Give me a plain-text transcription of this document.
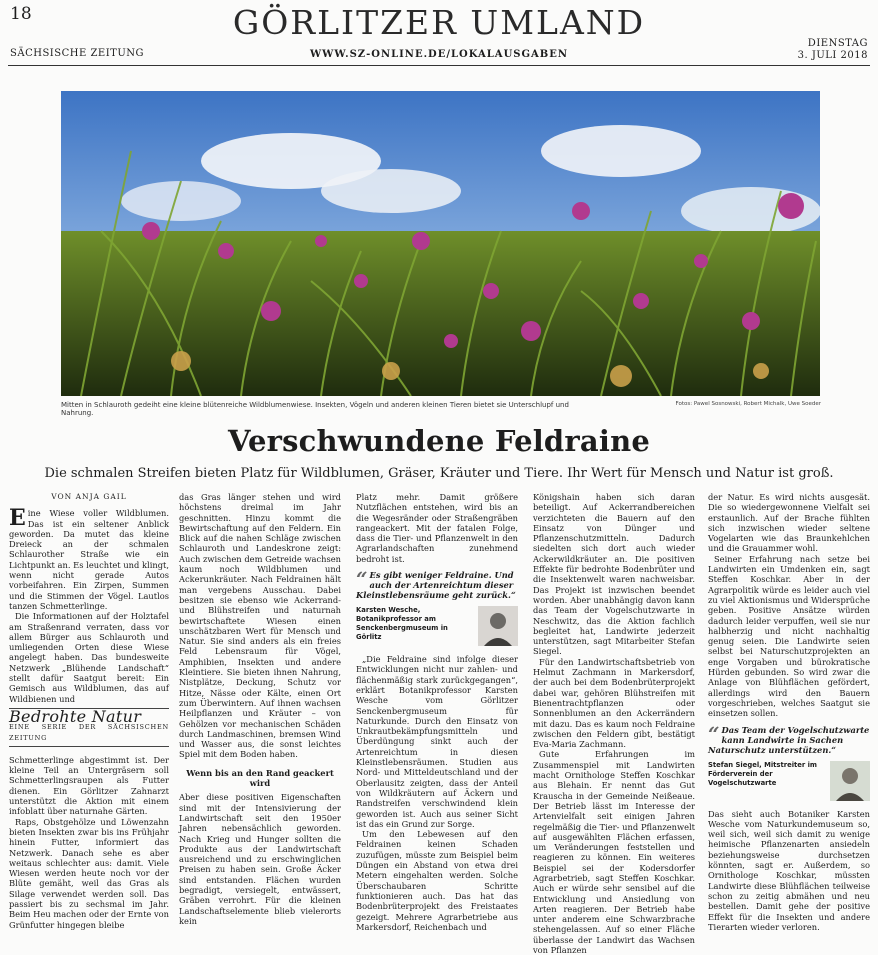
18
SÄCHSISCHE ZEITUNG
GÖRLITZER UMLAND
WWW.SZ-ONLINE.DE/LOKALAUSGABEN
DIENSTAG
3. JULI 2018
Mitten in Schlauroth gedeiht eine kleine blütenreiche Wildblumenwiese. Insekten, Vögeln und anderen kleinen Tieren bietet sie Unterschlupf und Nahrung.
Fotos: Pawel Sosnowski, Robert Michalk, Uwe Soeder
Verschwundene Feldraine
Die schmalen Streifen bieten Platz für Wildblumen, Gräser, Kräuter und Tiere. Ihr Wert für Mensch und Natur ist groß.
VON ANJA GAIL

Eine Wiese voller Wildblumen. Das ist ein seltener Anblick geworden. Da mutet das kleine Dreieck an der schmalen Schlaurother Straße wie ein Lichtpunkt an. Es leuchtet und klingt, wenn nicht gerade Autos vorbeifahren. Ein Zirpen, Summen und die Stimmen der Vögel. Lautlos tanzen Schmetterlinge.

Die Informationen auf der Holztafel am Straßenrand verraten, dass vor allem Bürger aus Schlauroth und umliegenden Orten diese Wiese angelegt haben. Das bundesweite Netzwerk „Blühende Landschaft“ stellt dafür Saatgut bereit: Ein Gemisch aus Wildblumen, das auf Wildbienen und

Bedrohte Natur
EINE SERIE DER SÄCHSISCHEN ZEITUNG

Schmetterlinge abgestimmt ist. Der kleine Teil an Untergräsern soll Schmetterlingsraupen als Futter dienen. Ein Görlitzer Zahnarzt unterstützt die Aktion mit einem infoblatt über naturnahe Gärten.

Raps, Obstgehölze und Löwenzahn bieten Insekten zwar bis ins Frühjahr hinein Futter, informiert das Netzwerk. Danach sehe es aber weitaus schlechter aus: damit. Viele Wiesen werden heute noch vor der Blüte gemäht, weil das Gras als Silage verwendet werden soll. Das passiert bis zu sechsmal im Jahr. Beim Heu machen oder der Ernte von Grünfutter hingegen bleibe

das Gras länger stehen und wird höchstens dreimal im Jahr geschnitten. Hinzu kommt die Bewirtschaftung auf den Feldern. Ein Blick auf die nahen Schläge zwischen Schlauroth und Landeskrone zeigt: Auch zwischen dem Getreide wachsen kaum noch Wildblumen und Ackerunkräuter. Nach Feldrainen hält man vergebens Ausschau. Dabei besitzen sie ebenso wie Ackerrand- und Blühstreifen und naturnah bewirtschaftete Wiesen einen unschätzbaren Wert für Mensch und Natur. Sie sind anders als ein freies Feld Lebensraum für Vögel, Amphibien, Insekten und andere Kleintiere. Sie bieten ihnen Nahrung, Nistplätze, Deckung, Schutz vor Hitze, Nässe oder Kälte, einen Ort zum Überwintern. Auf ihnen wachsen Heilpflanzen und Kräuter – von Gehölzen vor mechanischen Schäden durch Landmaschinen, bremsen Wind und Wasser aus, die sonst leichtes Spiel mit dem Boden haben.

Wenn bis an den Rand geackert wird

Aber diese positiven Eigenschaften sind mit der Intensivierung der Landwirtschaft seit den 1950er Jahren nebensächlich geworden. Nach Krieg und Hunger sollten die Produkte aus der Landwirtschaft ausreichend und zu erschwinglichen Preisen zu haben sein. Große Äcker sind entstanden. Flächen wurden begradigt, versiegelt, entwässert, Gräben verrohrt. Für die kleinen Landschaftselemente blieb vielerorts kein

Platz mehr. Damit größere Nutzflächen entstehen, wird bis an die Wegesränder oder Straßengräben rangeackert. Mit der fatalen Folge, dass die Tier- und Pflanzenwelt in den Agrarlandschaften zunehmend bedroht ist.

“ Es gibt weniger Feldraine. Und auch der Artenreichtum dieser Kleinstlebensräume geht zurück.“
Karsten Wesche, Botanikprofessor am Senckenbergmuseum in Görlitz

„Die Feldraine sind infolge dieser Entwicklungen nicht nur zahlen- und flächenmäßig stark zurückgegangen“, erklärt Botanikprofessor Karsten Wesche vom Görlitzer Senckenbergmuseum für Naturkunde. Durch den Einsatz von Unkrautbekämpfungsmitteln und Überdüngung sinkt auch der Artenreichtum in diesen Kleinstlebensräumen. Studien aus Nord- und Mitteldeutschland und der Oberlausitz zeigten, dass der Anteil von Wildkräutern auf Äckern und Randstreifen verschwindend klein geworden ist. Auch aus seiner Sicht ist das ein Grund zur Sorge.

Um den Lebewesen auf den Feldrainen keinen Schaden zuzufügen, müsste zum Beispiel beim Düngen ein Abstand von etwa drei Metern eingehalten werden. Solche Überschaubaren Schritte funktionieren auch. Das hat das Bodenbrüterprojekt des Freistaates gezeigt. Mehrere Agrarbetriebe aus Markersdorf, Reichenbach und

Königshain haben sich daran beteiligt. Auf Ackerrandbereichen verzichteten die Bauern auf den Einsatz von Dünger und Pflanzenschutzmitteln. Dadurch siedelten sich dort auch wieder Ackerwildkräuter an. Die positiven Effekte für bedrohte Bodenbrüter und die Insektenwelt waren nachweisbar. Das Projekt ist inzwischen beendet worden. Aber unabhängig davon kann das Team der Vogelschutzwarte in Neschwitz, das die Aktion fachlich begleitet hat, Landwirte jederzeit unterstützen, sagt Mitarbeiter Stefan Siegel.

Für den Landwirtschaftsbetrieb von Helmut Zachmann in Markersdorf, der auch bei dem Bodenbrüterprojekt dabei war, gehören Blühstreifen mit Bienentrachtpflanzen oder Sonnenblumen an den Ackerrändern mit dazu. Das es kaum noch Feldraine zwischen den Feldern gibt, bestätigt Eva-Maria Zachmann.

Gute Erfahrungen im Zusammenspiel mit Landwirten macht Ornithologe Steffen Koschkar aus Blehain. Er nennt das Gut Krauscha in der Gemeinde Neißeaue. Der Betrieb lässt im Interesse der Artenvielfalt seit einigen Jahren regelmäßig die Tier- und Pflanzenwelt auf ausgewählten Flächen erfassen, um Veränderungen feststellen und reagieren zu können. Ein weiteres Beispiel sei der Kodersdorfer Agrarbetrieb, sagt Steffen Koschkar. Auch er würde sehr sensibel auf die Entwicklung und Ansiedlung von Arten reagieren. Der Betrieb habe unter anderem eine Schwarzbrache stehengelassen. Auf so einer Fläche überlasse der Landwirt das Wachsen von Pflanzen

der Natur. Es wird nichts ausgesät. Die so wiedergewonnene Vielfalt sei erstaunlich. Auf der Brache fühlten sich inzwischen wieder seltene Vogelarten wie das Braunkehlchen und die Grauammer wohl.

Seiner Erfahrung nach setze bei Landwirten ein Umdenken ein, sagt Steffen Koschkar. Aber in der Agrarpolitik würde es leider auch viel zu viel Aktionismus und Widersprüche geben. Positive Ansätze würden dadurch leider verpuffen, weil sie nur halbherzig und nicht nachhaltig genug seien. Die Landwirte seien selbst bei Naturschutzprojekten an enge Vorgaben und bürokratische Hürden gebunden. So wird zwar die Anlage von Blühflächen gefördert, allerdings wird den Bauern vorgeschrieben, welches Saatgut sie einsetzen sollen.

“ Das Team der Vogelschutzwarte kann Landwirte in Sachen Naturschutz unterstützen.“
Stefan Siegel, Mitstreiter im Förderverein der Vogelschutzwarte

Das sieht auch Botaniker Karsten Wesche vom Naturkundemuseum so, weil sich, weil sich damit zu wenige heimische Pflanzenarten ansiedeln beziehungsweise durchsetzen könnten, sagt er. Außerdem, so Ornithologe Koschkar, müssten Landwirte diese Blühflächen teilweise schon zu zeitig abmähen und neu bestellen. Damit gehe der positive Effekt für die Insekten und andere Tierarten wieder verloren.
